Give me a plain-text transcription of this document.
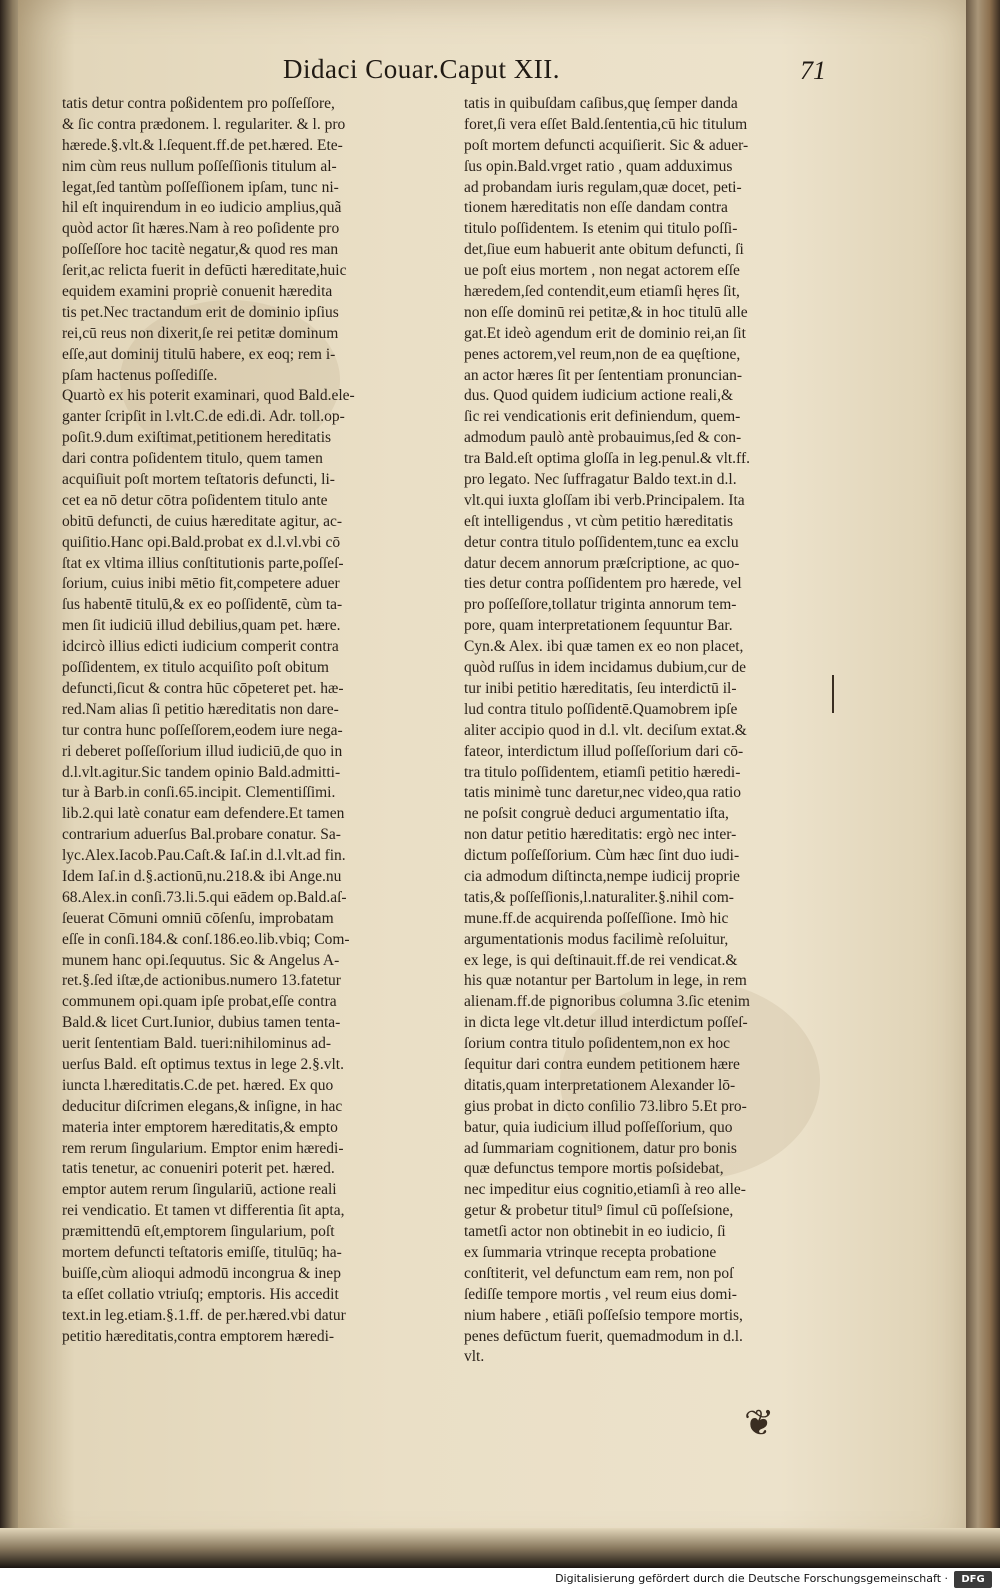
Didaci Couar.Caput XII.	71
tatis detur contra poßidentem pro poſſeſſore,
& ſic contra prædonem. l. regulariter. & l. pro
hærede.§.vlt.& l.ſequent.ff.de pet.hæred. Ete-
nim cùm reus nullum poſſeſſionis titulum al-
legat,ſed tantùm poſſeſſionem ipſam, tunc ni-
hil eſt inquirendum in eo iudicio amplius,quã
quòd actor ſit hæres.Nam à reo poſidente pro
poſſeſſore hoc tacitè negatur,& quod res man
ſerit,ac relicta fuerit in defūcti hæreditate,huic
equidem examini propriè conuenit hæredita
tis pet.Nec tractandum erit de dominio ipſius
rei,cū reus non dixerit,ſe rei petitæ dominum
eſſe,aut dominij titulū habere, ex eoq; rem i-
pſam hactenus poſſediſſe.
Quartò ex his poterit examinari, quod Bald.ele-
ganter ſcripſit in l.vlt.C.de edi.di. Adr. toll.op-
poſit.9.dum exiſtimat,petitionem hereditatis
dari contra poſidentem titulo, quem tamen
acquiſiuit poſt mortem teſtatoris defuncti, li-
cet ea nō detur cōtra poſidentem titulo ante
obitū defuncti, de cuius hæreditate agitur, ac-
quiſitio.Hanc opi.Bald.probat ex d.l.vl.vbi cō
ſtat ex vltima illius conſtitutionis parte,poſſeſ-
ſorium, cuius inibi mētio fit,competere aduer
ſus habentē titulū,& ex eo poſſidentē, cùm ta-
men ſit iudiciū illud debilius,quam pet. hære.
idcircò illius edicti iudicium comperit contra
poſſidentem, ex titulo acquiſito poſt obitum
defuncti,ſicut & contra hūc cōpeteret pet. hæ-
red.Nam alias ſi petitio hæreditatis non dare-
tur contra hunc poſſeſſorem,eodem iure nega-
ri deberet poſſeſſorium illud iudiciū,de quo in
d.l.vlt.agitur.Sic tandem opinio Bald.admitti-
tur à Barb.in conſi.65.incipit. Clementiſſimi.
lib.2.qui latè conatur eam defendere.Et tamen
contrarium aduerſus Bal.probare conatur. Sa-
lyc.Alex.Iacob.Pau.Caſt.& Iaſ.in d.l.vlt.ad fin.
Idem Iaſ.in d.§.actionū,nu.218.& ibi Ange.nu
68.Alex.in conſi.73.li.5.qui eādem op.Bald.aſ-
ſeuerat Cōmuni omniū cōſenſu, improbatam
eſſe in conſi.184.& conſ.186.eo.lib.vbiq; Com-
munem hanc opi.ſequutus. Sic & Angelus A-
ret.§.ſed iſtæ,de actionibus.numero 13.fatetur
communem opi.quam ipſe probat,eſſe contra
Bald.& licet Curt.Iunior, dubius tamen tenta-
uerit ſententiam Bald. tueri:nihilominus ad-
uerſus Bald. eſt optimus textus in lege 2.§.vlt.
iuncta l.hæreditatis.C.de pet. hæred. Ex quo
deducitur diſcrimen elegans,& inſigne, in hac
materia inter emptorem hæreditatis,& empto
rem rerum ſingularium. Emptor enim hæredi-
tatis tenetur, ac conueniri poterit pet. hæred.
emptor autem rerum ſingulariū, actione reali
rei vendicatio. Et tamen vt differentia ſit apta,
præmittendū eſt,emptorem ſingularium, poſt
mortem defuncti teſtatoris emiſſe, titulūq; ha-
buiſſe,cùm alioqui admodū incongrua & inep
ta eſſet collatio vtriuſq; emptoris. His accedit
text.in leg.etiam.§.1.ff. de per.hæred.vbi datur
petitio hæreditatis,contra emptorem hæredi-
tatis in quibuſdam caſibus,quę ſemper danda
foret,ſi vera eſſet Bald.ſententia,cū hic titulum
poſt mortem defuncti acquiſierit. Sic & aduer-
ſus opin.Bald.vrget ratio , quam adduximus
ad probandam iuris regulam,quæ docet, peti-
tionem hæreditatis non eſſe dandam contra
titulo poſſidentem. Is etenim qui titulo poſſi-
det,ſiue eum habuerit ante obitum defuncti, ſi
ue poſt eius mortem , non negat actorem eſſe
hæredem,ſed contendit,eum etiamſi hęres ſit,
non eſſe dominū rei petitæ,& in hoc titulū alle
gat.Et ideò agendum erit de dominio rei,an ſit
penes actorem,vel reum,non de ea quęſtione,
an actor hæres ſit per ſententiam pronuncian-
dus. Quod quidem iudicium actione reali,&
ſic rei vendicationis erit definiendum, quem-
admodum paulò antè probauimus,ſed & con-
tra Bald.eſt optima gloſſa in leg.penul.& vlt.ff.
pro legato. Nec ſuffragatur Baldo text.in d.l.
vlt.qui iuxta gloſſam ibi verb.Principalem. Ita
eſt intelligendus , vt cùm petitio hæreditatis
detur contra titulo poſſidentem,tunc ea exclu
datur decem annorum præſcriptione, ac quo-
ties detur contra poſſidentem pro hærede, vel
pro poſſeſſore,tollatur triginta annorum tem-
pore, quam interpretationem ſequuntur Bar.
Cyn.& Alex. ibi quæ tamen ex eo non placet,
quòd ruſſus in idem incidamus dubium,cur de
tur inibi petitio hæreditatis, ſeu interdictū il-
lud contra titulo poſſidentē.Quamobrem ipſe
aliter accipio quod in d.l. vlt. deciſum extat.&
fateor, interdictum illud poſſeſſorium dari cō-
tra titulo poſſidentem, etiamſi petitio hæredi-
tatis minimè tunc daretur,nec video,qua ratio
ne poſsit congruè deduci argumentatio iſta,
non datur petitio hæreditatis: ergò nec inter-
dictum poſſeſſorium. Cùm hæc ſint duo iudi-
cia admodum diſtincta,nempe iudicij proprie
tatis,& poſſeſſionis,l.naturaliter.§.nihil com-
mune.ff.de acquirenda poſſeſſione. Imò hic
argumentationis modus facilimè reſoluitur,
ex lege, is qui deſtinauit.ff.de rei vendicat.&
his quæ notantur per Bartolum in lege, in rem
alienam.ff.de pignoribus columna 3.ſic etenim
in dicta lege vlt.detur illud interdictum poſſeſ-
ſorium contra titulo poſidentem,non ex hoc
ſequitur dari contra eundem petitionem hære
ditatis,quam interpretationem Alexander lō-
gius probat in dicto conſilio 73.libro 5.Et pro-
batur, quia iudicium illud poſſeſſorium, quo
ad ſummariam cognitionem, datur pro bonis
quæ defunctus tempore mortis poſsidebat,
nec impeditur eius cognitio,etiamſi à reo alle-
getur & probetur titul⁹ ſimul cū poſſeſsione,
tametſi actor non obtinebit in eo iudicio, ſi
ex ſummaria vtrinque recepta probatione
conſtiterit, vel defunctum eam rem, non poſ
ſediſſe tempore mortis , vel reum eius domi-
nium habere , etiāſi poſſeſsio tempore mortis,
penes defūctum fuerit, quemadmodum in d.l.
vlt.
❦
Digitalisierung gefördert durch die Deutsche Forschungsgemeinschaft ·	DFG
